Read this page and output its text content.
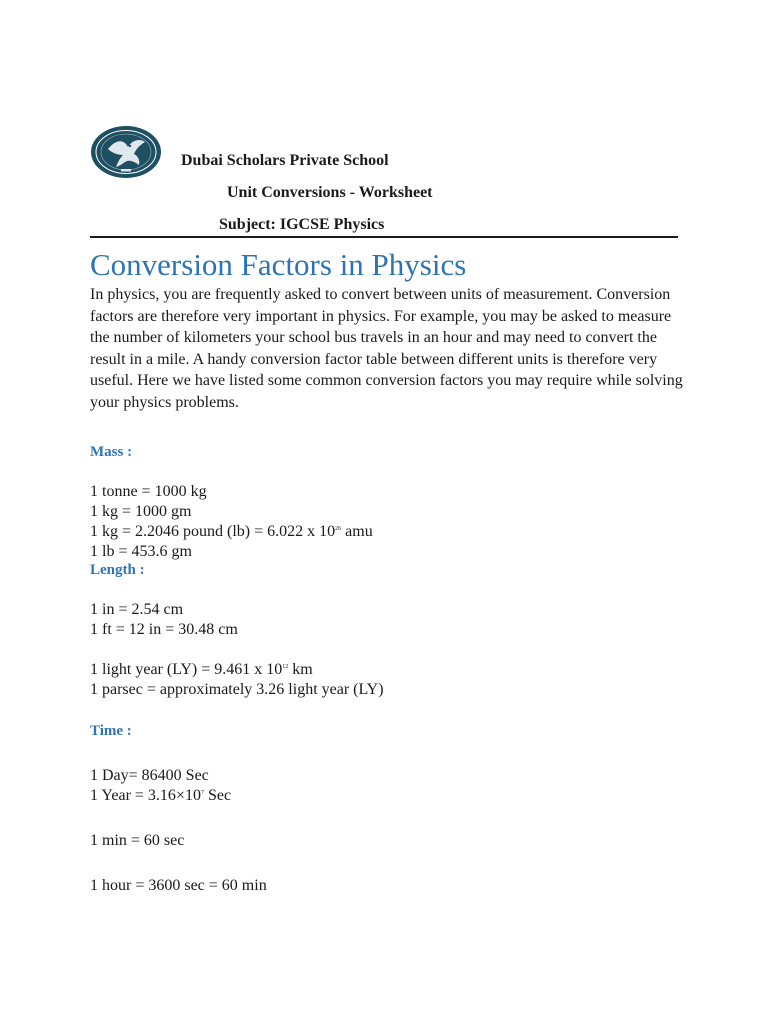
Dubai Scholars Private School
Unit Conversions - Worksheet
Subject: IGCSE Physics
Conversion Factors in Physics

In physics, you are frequently asked to convert between units of measurement. Conversion factors are therefore very important in physics. For example, you may be asked to measure the number of kilometers your school bus travels in an hour and may need to convert the result in a mile. A handy conversion factor table between different units is therefore very useful. Here we have listed some common conversion factors you may require while solving your physics problems.

Mass :
1 tonne = 1000 kg
1 kg = 1000 gm
1 kg = 2.2046 pound (lb) = 6.022 x $10^{26}$ amu
1 lb = 453.6 gm
Length :
1 in = 2.54 cm
1 ft = 12 in = 30.48 cm
1 light year (LY) = 9.461 x $10^{12}$ km
1 parsec = approximately 3.26 light year (LY)
Time :
1 Day= 86400 Sec
1 Year = $3.16\times 10^7$ Sec
1 min = 60 sec
1 hour = 3600 sec = 60 min
